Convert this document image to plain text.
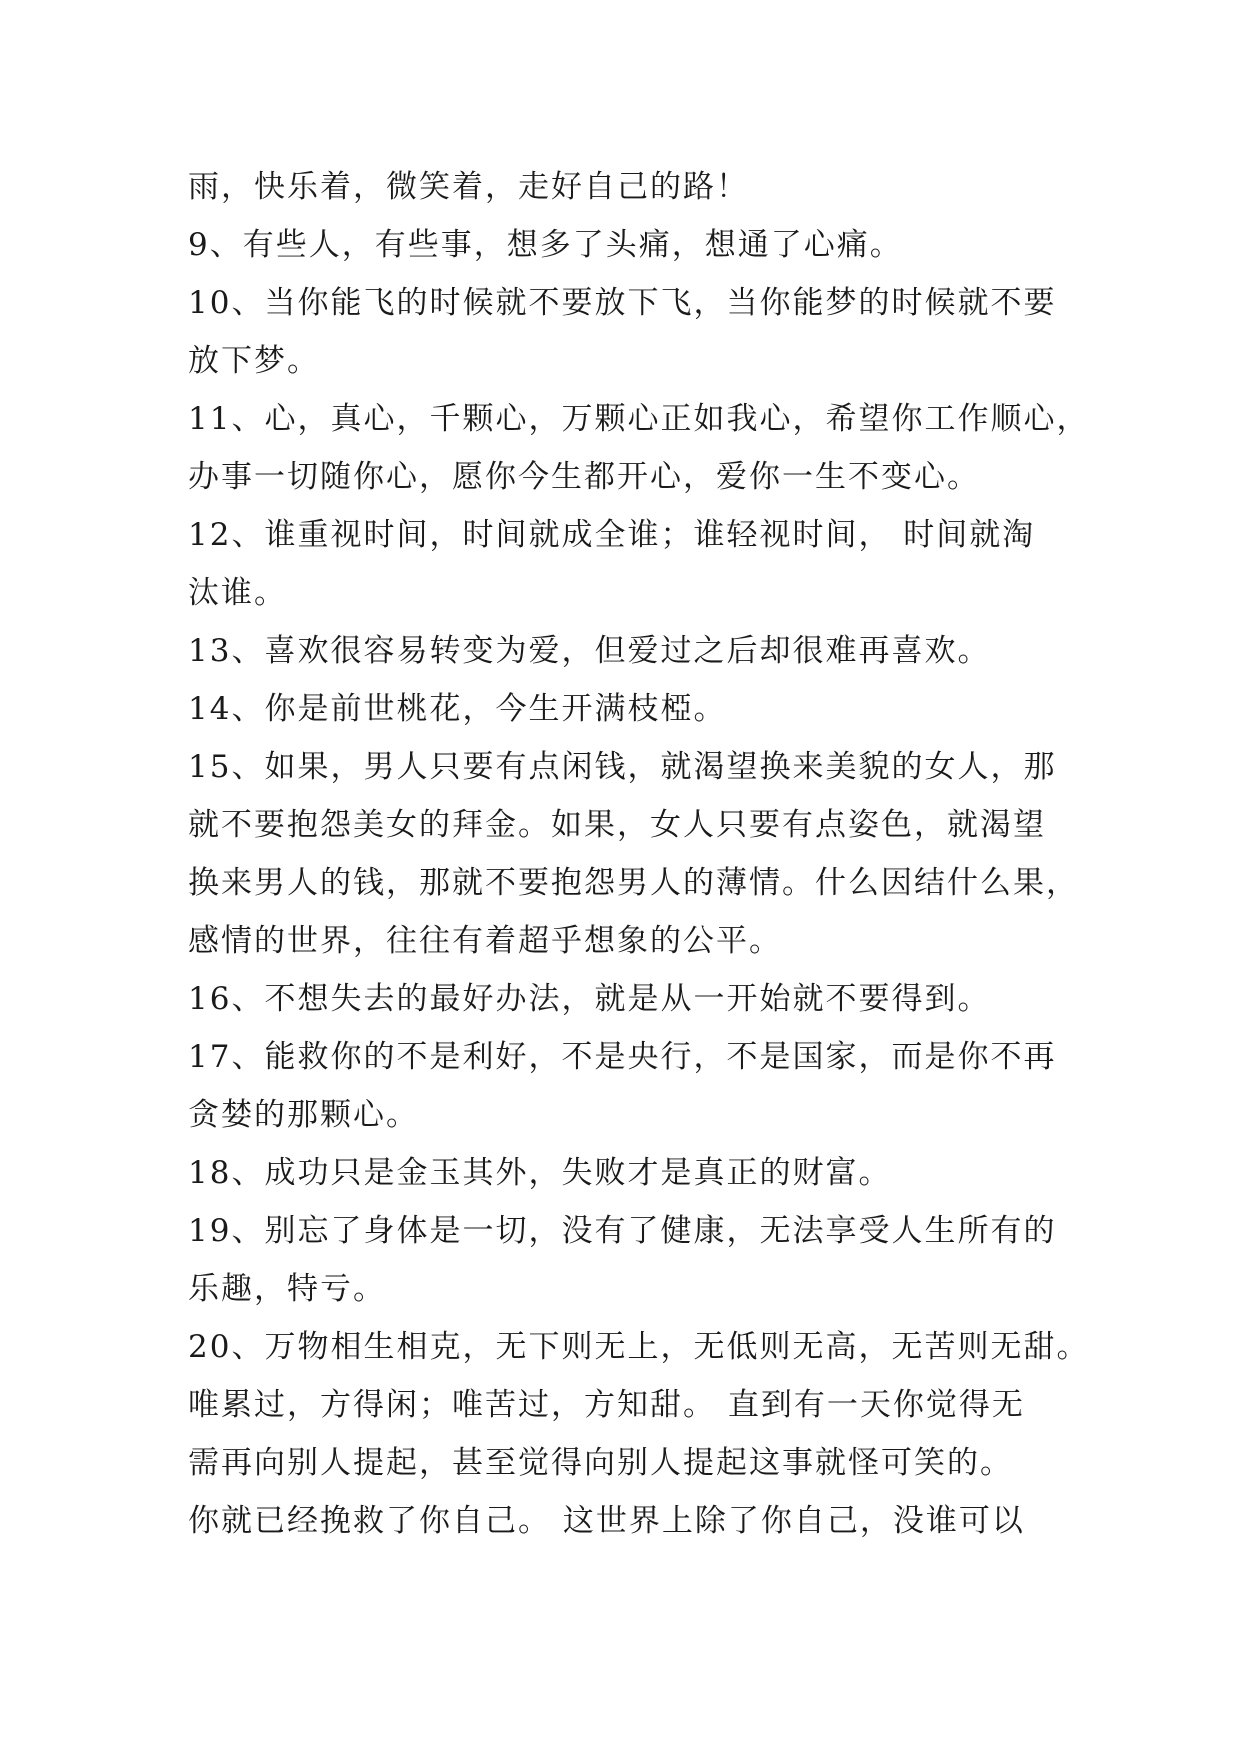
雨，快乐着，微笑着，走好自己的路！
9、有些人，有些事，想多了头痛，想通了心痛。
10、当你能飞的时候就不要放下飞，当你能梦的时候就不要
放下梦。
11、心，真心，千颗心，万颗心正如我心，希望你工作顺心，
办事一切随你心，愿你今生都开心，爱你一生不变心。
12、谁重视时间，时间就成全谁；谁轻视时间， 时间就淘
汰谁。
13、喜欢很容易转变为爱，但爱过之后却很难再喜欢。
14、你是前世桃花，今生开满枝椏。
15、如果，男人只要有点闲钱，就渴望换来美貌的女人，那
就不要抱怨美女的拜金。如果，女人只要有点姿色，就渴望
换来男人的钱，那就不要抱怨男人的薄情。什么因结什么果，
感情的世界，往往有着超乎想象的公平。
16、不想失去的最好办法，就是从一开始就不要得到。
17、能救你的不是利好，不是央行，不是国家，而是你不再
贪婪的那颗心。
18、成功只是金玉其外，失败才是真正的财富。
19、别忘了身体是一切，没有了健康，无法享受人生所有的
乐趣，特亏。
20、万物相生相克，无下则无上，无低则无高，无苦则无甜。
唯累过，方得闲；唯苦过，方知甜。 直到有一天你觉得无
需再向别人提起，甚至觉得向别人提起这事就怪可笑的。
你就已经挽救了你自己。 这世界上除了你自己，没谁可以
